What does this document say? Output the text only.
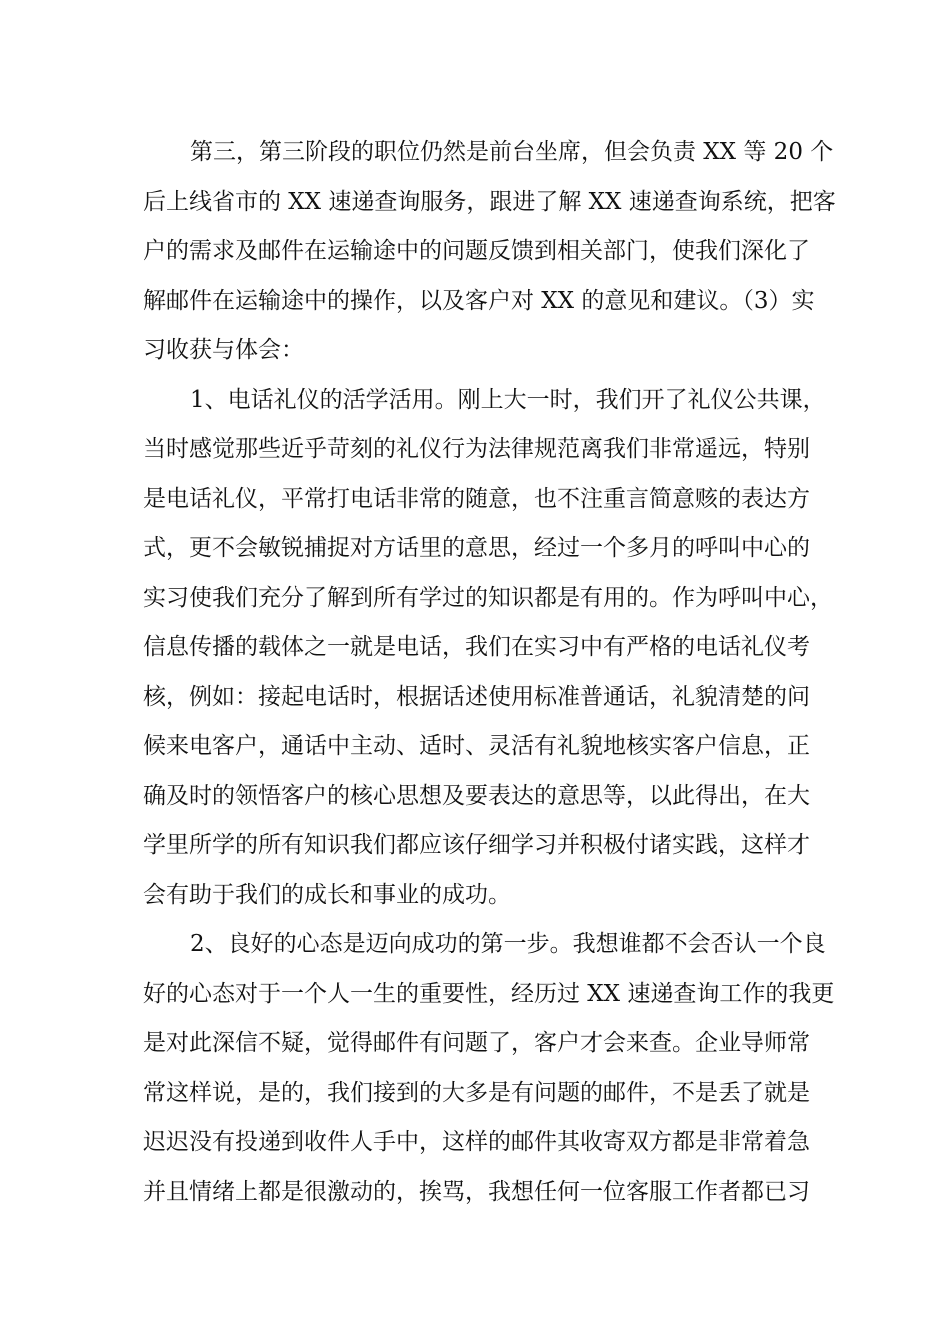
第三，第三阶段的职位仍然是前台坐席，但会负责 XX 等 20 个
后上线省市的 XX 速递查询服务，跟进了解 XX 速递查询系统，把客
户的需求及邮件在运输途中的问题反馈到相关部门，使我们深化了
解邮件在运输途中的操作，以及客户对 XX 的意见和建议。（3）实
习收获与体会：
1、电话礼仪的活学活用。刚上大一时，我们开了礼仪公共课，
当时感觉那些近乎苛刻的礼仪行为法律规范离我们非常遥远，特别
是电话礼仪，平常打电话非常的随意，也不注重言简意赅的表达方
式，更不会敏锐捕捉对方话里的意思，经过一个多月的呼叫中心的
实习使我们充分了解到所有学过的知识都是有用的。作为呼叫中心，
信息传播的载体之一就是电话，我们在实习中有严格的电话礼仪考
核，例如：接起电话时，根据话述使用标准普通话，礼貌清楚的问
候来电客户，通话中主动、适时、灵活有礼貌地核实客户信息，正
确及时的领悟客户的核心思想及要表达的意思等，以此得出，在大
学里所学的所有知识我们都应该仔细学习并积极付诸实践，这样才
会有助于我们的成长和事业的成功。
2、良好的心态是迈向成功的第一步。我想谁都不会否认一个良
好的心态对于一个人一生的重要性，经历过 XX 速递查询工作的我更
是对此深信不疑，觉得邮件有问题了，客户才会来查。企业导师常
常这样说，是的，我们接到的大多是有问题的邮件，不是丢了就是
迟迟没有投递到收件人手中，这样的邮件其收寄双方都是非常着急
并且情绪上都是很激动的，挨骂，我想任何一位客服工作者都已习
